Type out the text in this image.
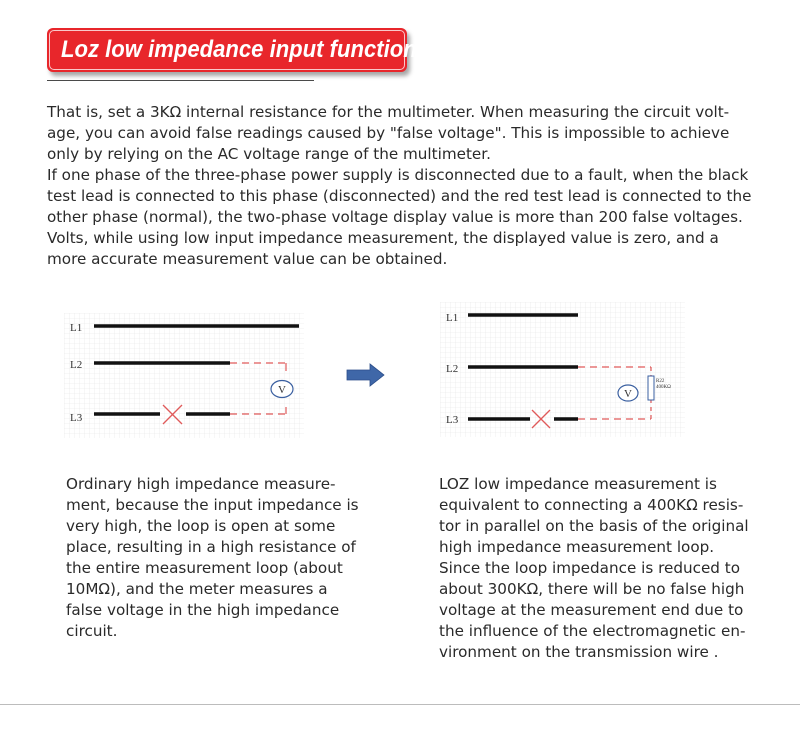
Loz low impedance input function

That is, set a 3KΩ internal resistance for the multimeter. When measuring the circuit volt-age, you can avoid false readings caused by "false voltage". This is impossible to achieve only by relying on the AC voltage range of the multimeter.

If one phase of the three-phase power supply is disconnected due to a fault, when the black test lead is connected to this phase (disconnected) and the red test lead is connected to the other phase (normal), the two-phase voltage display value is more than 200 false voltages. Volts, while using low input impedance measurement, the displayed value is zero, and a more accurate measurement value can be obtained.

L1
L2
L3
V
L1
L2
L3
V
R22
400KΩ

Ordinary high impedance measure-ment, because the input impedance is very high, the loop is open at some place, resulting in a high resistance of the entire measurement loop (about 10MΩ), and the meter measures a false voltage in the high impedance circuit.

LOZ low impedance measurement is equivalent to connecting a 400KΩ resis-tor in parallel on the basis of the original high impedance measurement loop. Since the loop impedance is reduced to about 300KΩ, there will be no false high voltage at the measurement end due to the influence of the electromagnetic en-vironment on the transmission wire .
